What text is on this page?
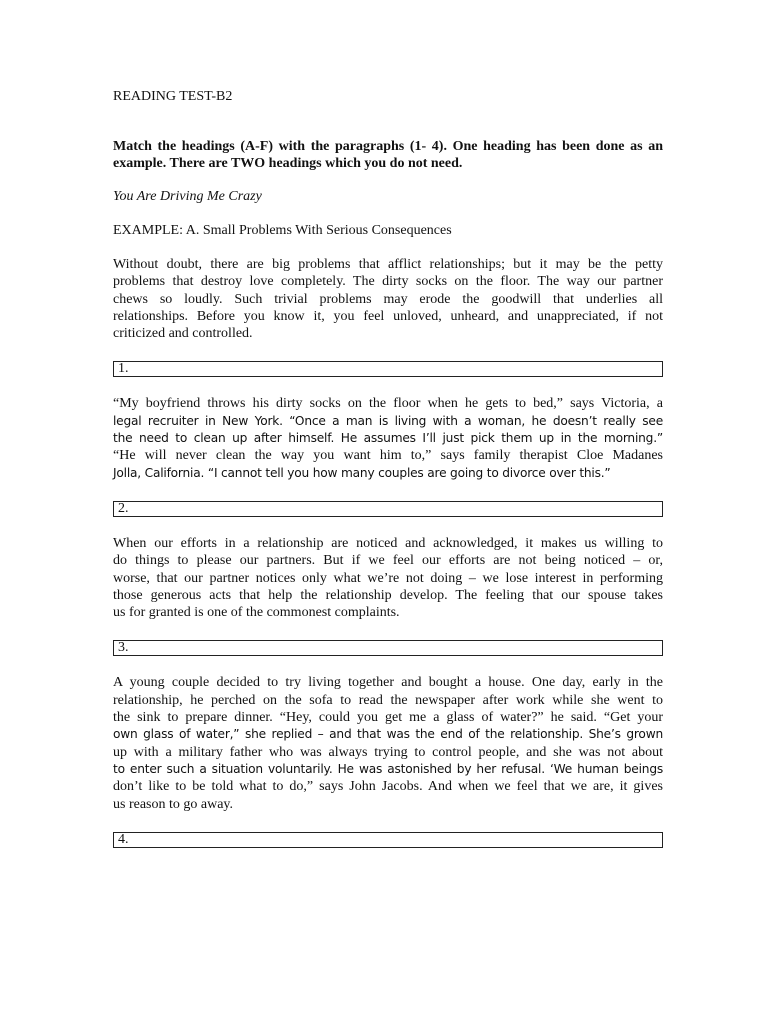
READING TEST-B2
Match the headings (A-F) with the paragraphs (1- 4). One heading has been done as an example. There are TWO headings which you do not need.
You Are Driving Me Crazy
EXAMPLE: A. Small Problems With Serious Consequences
Without doubt, there are big problems that afflict relationships; but it may be the petty
problems that destroy love completely. The dirty socks on the floor. The way our partner
chews so loudly. Such trivial problems may erode the goodwill that underlies all
relationships. Before you know it, you feel unloved, unheard, and unappreciated, if not
criticized and controlled.
1.
“My boyfriend throws his dirty socks on the floor when he gets to bed,” says Victoria, a
legal recruiter in New York. “Once a man is living with a woman, he doesn’t really see
the need to clean up after himself. He assumes I’ll just pick them up in the morning.”
“He will never clean the way you want him to,” says family therapist Cloe Madanes
Jolla, California. “I cannot tell you how many couples are going to divorce over this.”
2.
When our efforts in a relationship are noticed and acknowledged, it makes us willing to
do things to please our partners. But if we feel our efforts are not being noticed – or,
worse, that our partner notices only what we’re not doing – we lose interest in performing
those generous acts that help the relationship develop. The feeling that our spouse takes
us for granted is one of the commonest complaints.
3.
A young couple decided to try living together and bought a house. One day, early in the
relationship, he perched on the sofa to read the newspaper after work while she went to
the sink to prepare dinner. “Hey, could you get me a glass of water?” he said. “Get your
own glass of water,” she replied – and that was the end of the relationship. She’s grown
up with a military father who was always trying to control people, and she was not about
to enter such a situation voluntarily. He was astonished by her refusal. ‘We human beings
don’t like to be told what to do,” says John Jacobs. And when we feel that we are, it gives
us reason to go away.
4.
